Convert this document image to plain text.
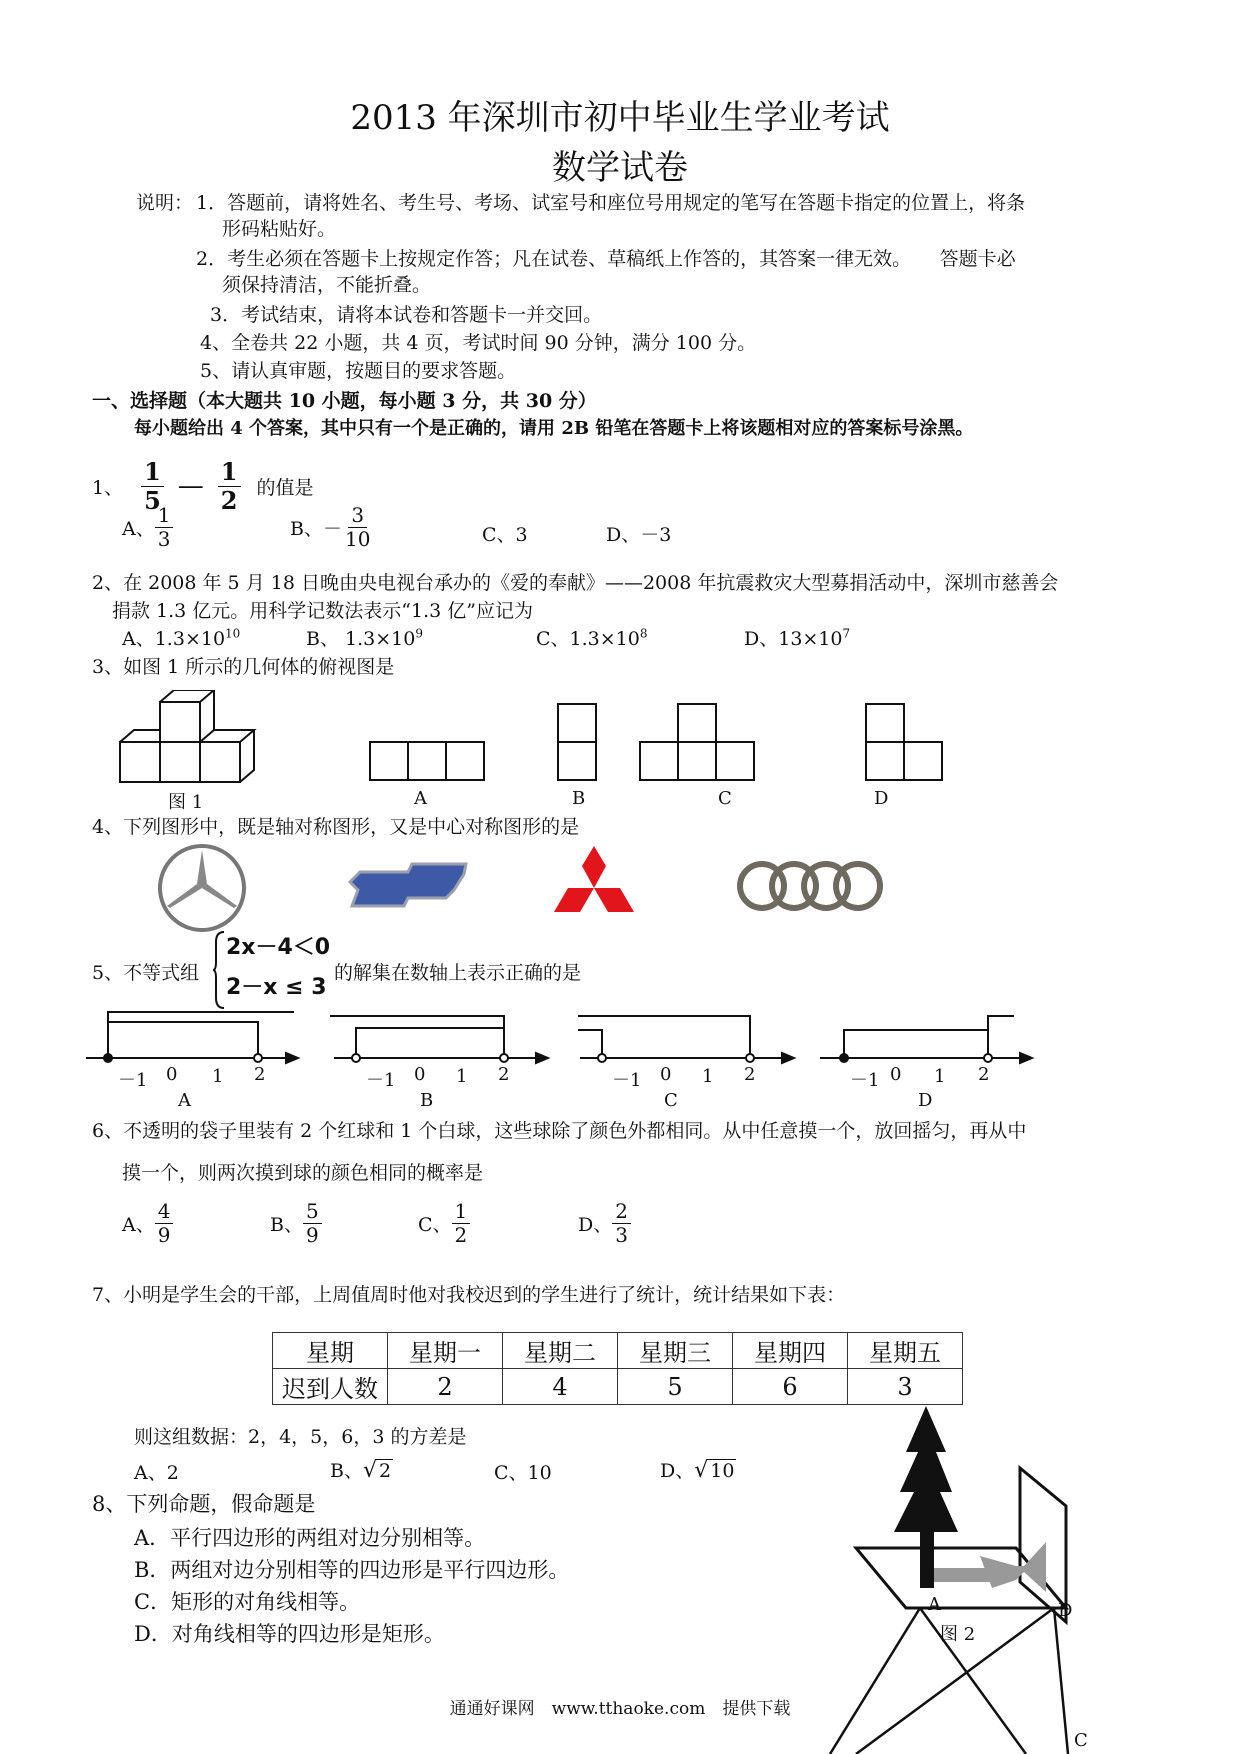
2013 年深圳市初中毕业生学业考试
数学试卷
说明： 1．答题前，请将姓名、考生号、考场、试室号和座位号用规定的笔写在答题卡指定的位置上，将条
形码粘贴好。
2．考生必须在答题卡上按规定作答；凡在试卷、草稿纸上作答的，其答案一律无效。　　答题卡必
须保持清洁，不能折叠。
3．考试结束，请将本试卷和答题卡一并交回。
4、全卷共 22 小题，共 4 页，考试时间 90 分钟，满分 100 分。
5、请认真审题，按题目的要求答题。
一、选择题（本大题共 10 小题，每小题 3 分，共 30 分）
每小题给出 4 个答案，其中只有一个是正确的，请用 2B 铅笔在答题卡上将该题相对应的答案标号涂黑。
1、 $\frac{1}{5}$ — $\frac{1}{2}$ 的值是
A、 $\frac{1}{3}$	B、－ $\frac{3}{10}$	C、3	D、－3
2、在 2008 年 5 月 18 日晚由央电视台承办的《爱的奉献》——2008 年抗震救灾大型募捐活动中，深圳市慈善会
捐款 1.3 亿元。用科学记数法表示“1.3 亿”应记为
A、$1.3\times 10^{10}$	B、 $1.3\times 10^9$	C、$1.3\times 10^8$	D、$13\times 10^7$
3、如图 1 所示的几何体的俯视图是
图 1	A	B	C	D
4、下列图形中，既是轴对称图形，又是中心对称图形的是
5、不等式组
2x－4＜0
2－x ≤ 3
的解集在数轴上表示正确的是
－1 0 1 2
A
－1 0 1 2
B
－1 0 1 2
C
－1 0 1 2
D
6、不透明的袋子里装有 2 个红球和 1 个白球，这些球除了颜色外都相同。从中任意摸一个，放回摇匀，再从中
摸一个，则两次摸到球的颜色相同的概率是
A、 $\frac{4}{9}$	B、 $\frac{5}{9}$	C、 $\frac{1}{2}$	D、 $\frac{2}{3}$
7、小明是学生会的干部，上周值周时他对我校迟到的学生进行了统计，统计结果如下表：
星期	星期一	星期二	星期三	星期四	星期五
迟到人数	2	4	5	6	3
则这组数据：2，4，5，6，3 的方差是
A、2	B、√ 2	C、10	D、√ 10
8、下列命题，假命题是
A．平行四边形的两组对边分别相等。
B．两组对边分别相等的四边形是平行四边形。
C．矩形的对角线相等。
D．对角线相等的四边形是矩形。
A	D
图 2
C
通通好课网　www.tthaoke.com　提供下载
